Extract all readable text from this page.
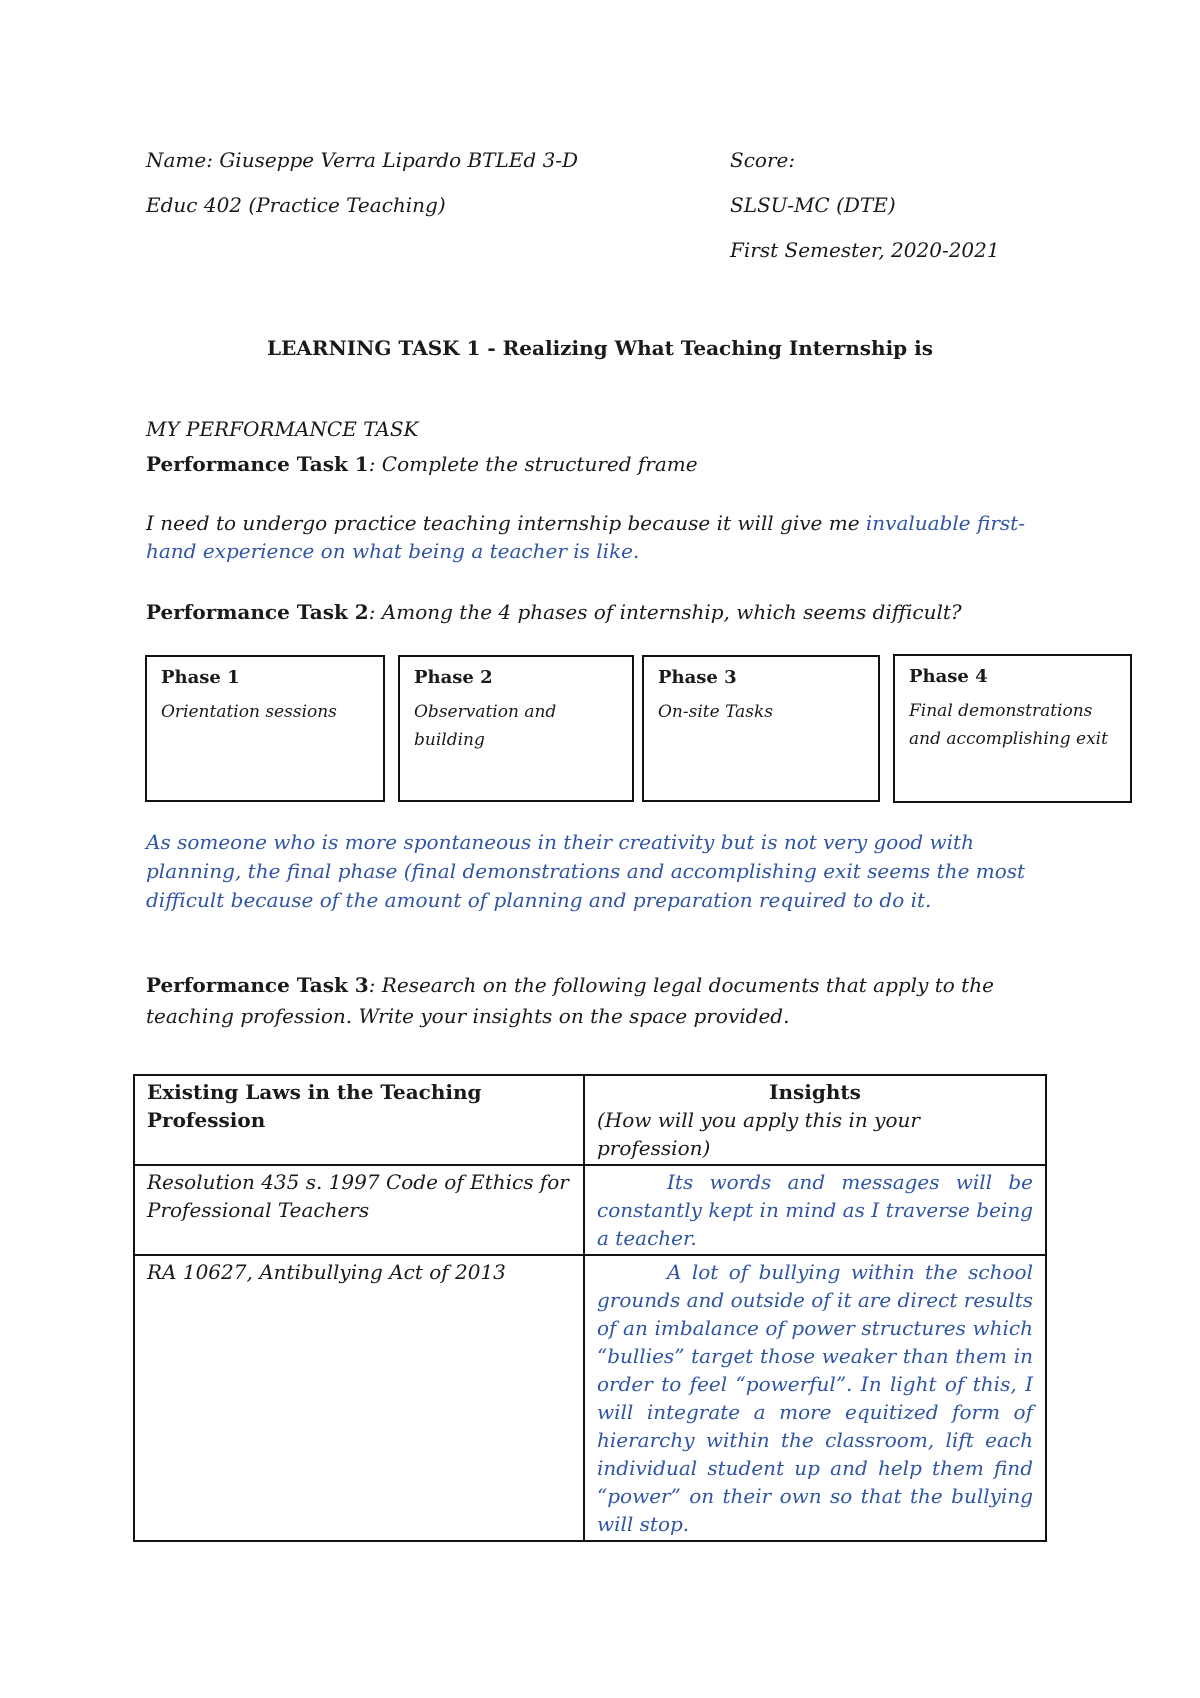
Name: Giuseppe Verra Lipardo BTLEd 3-D	Score:
Educ 402 (Practice Teaching)	SLSU-MC (DTE)
First Semester, 2020-2021
LEARNING TASK 1 - Realizing What Teaching Internship is
MY PERFORMANCE TASK
Performance Task 1: Complete the structured frame
I need to undergo practice teaching internship because it will give me invaluable first-hand experience on what being a teacher is like.
Performance Task 2: Among the 4 phases of internship, which seems difficult?
Phase 1
Orientation sessions
Phase 2
Observation and building
Phase 3
On-site Tasks
Phase 4
Final demonstrations and accomplishing exit
As someone who is more spontaneous in their creativity but is not very good with planning, the final phase (final demonstrations and accomplishing exit seems the most difficult because of the amount of planning and preparation required to do it.
Performance Task 3: Research on the following legal documents that apply to the teaching profession. Write your insights on the space provided.
Existing Laws in the Teaching Profession	Insights
(How will you apply this in your profession)

Resolution 435 s. 1997 Code of Ethics for Professional Teachers	Its words and messages will be constantly kept in mind as I traverse being a teacher.
RA 10627, Antibullying Act of 2013	A lot of bullying within the school grounds and outside of it are direct results of an imbalance of power structures which “bullies” target those weaker than them in order to feel “powerful”. In light of this, I will integrate a more equitized form of hierarchy within the classroom, lift each individual student up and help them find “power” on their own so that the bullying will stop.
